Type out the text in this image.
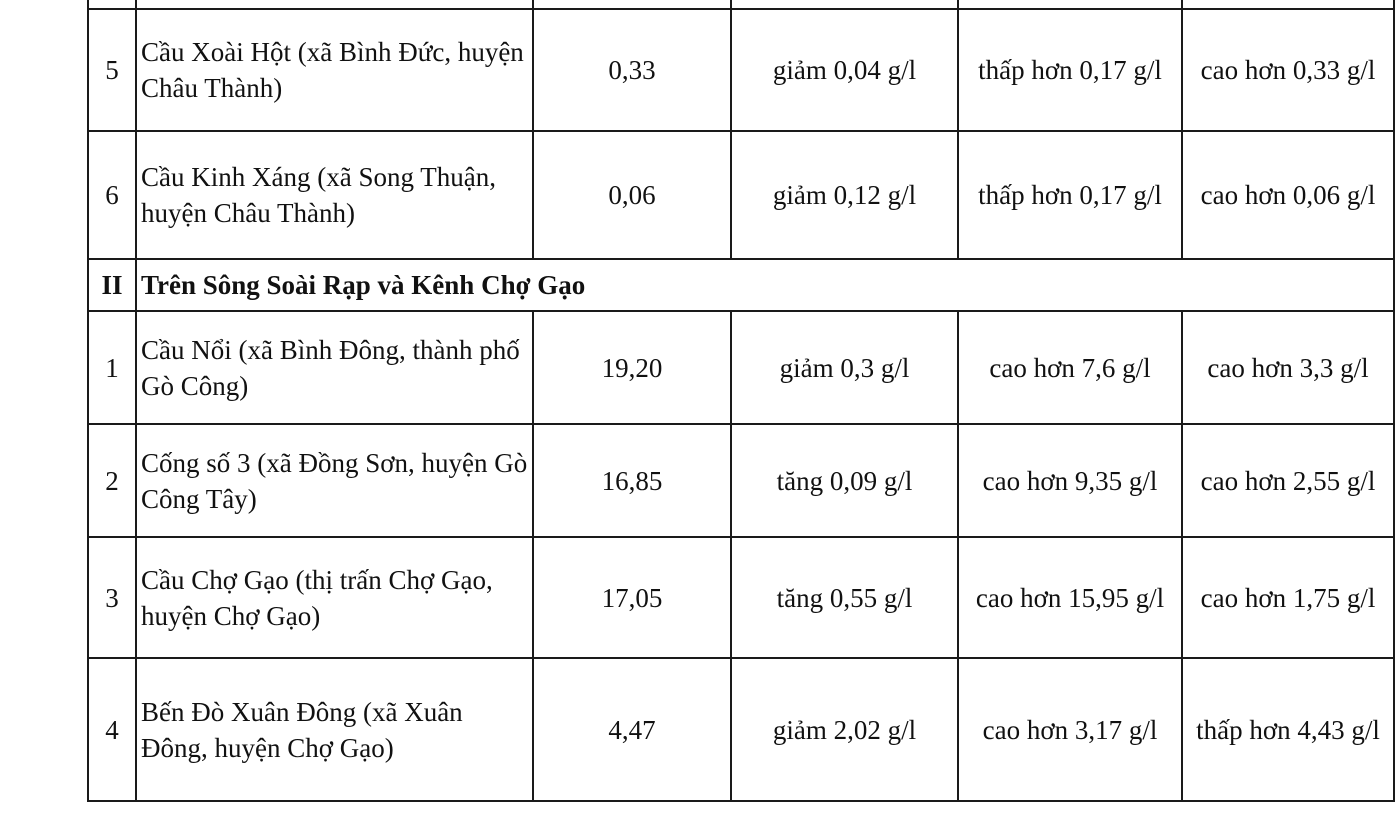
5	Cầu Xoài Hột (xã Bình Đức, huyện Châu Thành)	0,33	giảm 0,04 g/l	thấp hơn 0,17 g/l	cao hơn 0,33 g/l
6	Cầu Kinh Xáng (xã Song Thuận, huyện Châu Thành)	0,06	giảm 0,12 g/l	thấp hơn 0,17 g/l	cao hơn 0,06 g/l
II	Trên Sông Soài Rạp và Kênh Chợ Gạo				
1	Cầu Nổi (xã Bình Đông, thành phố Gò Công)	19,20	giảm 0,3 g/l	cao hơn 7,6 g/l	cao hơn 3,3 g/l
2	Cống số 3 (xã Đồng Sơn, huyện Gò Công Tây)	16,85	tăng 0,09 g/l	cao hơn 9,35 g/l	cao hơn 2,55 g/l
3	Cầu Chợ Gạo (thị trấn Chợ Gạo, huyện Chợ Gạo)	17,05	tăng 0,55 g/l	cao hơn 15,95 g/l	cao hơn 1,75 g/l
4	Bến Đò Xuân Đông (xã Xuân Đông, huyện Chợ Gạo)	4,47	giảm 2,02 g/l	cao hơn 3,17 g/l	thấp hơn 4,43 g/l
